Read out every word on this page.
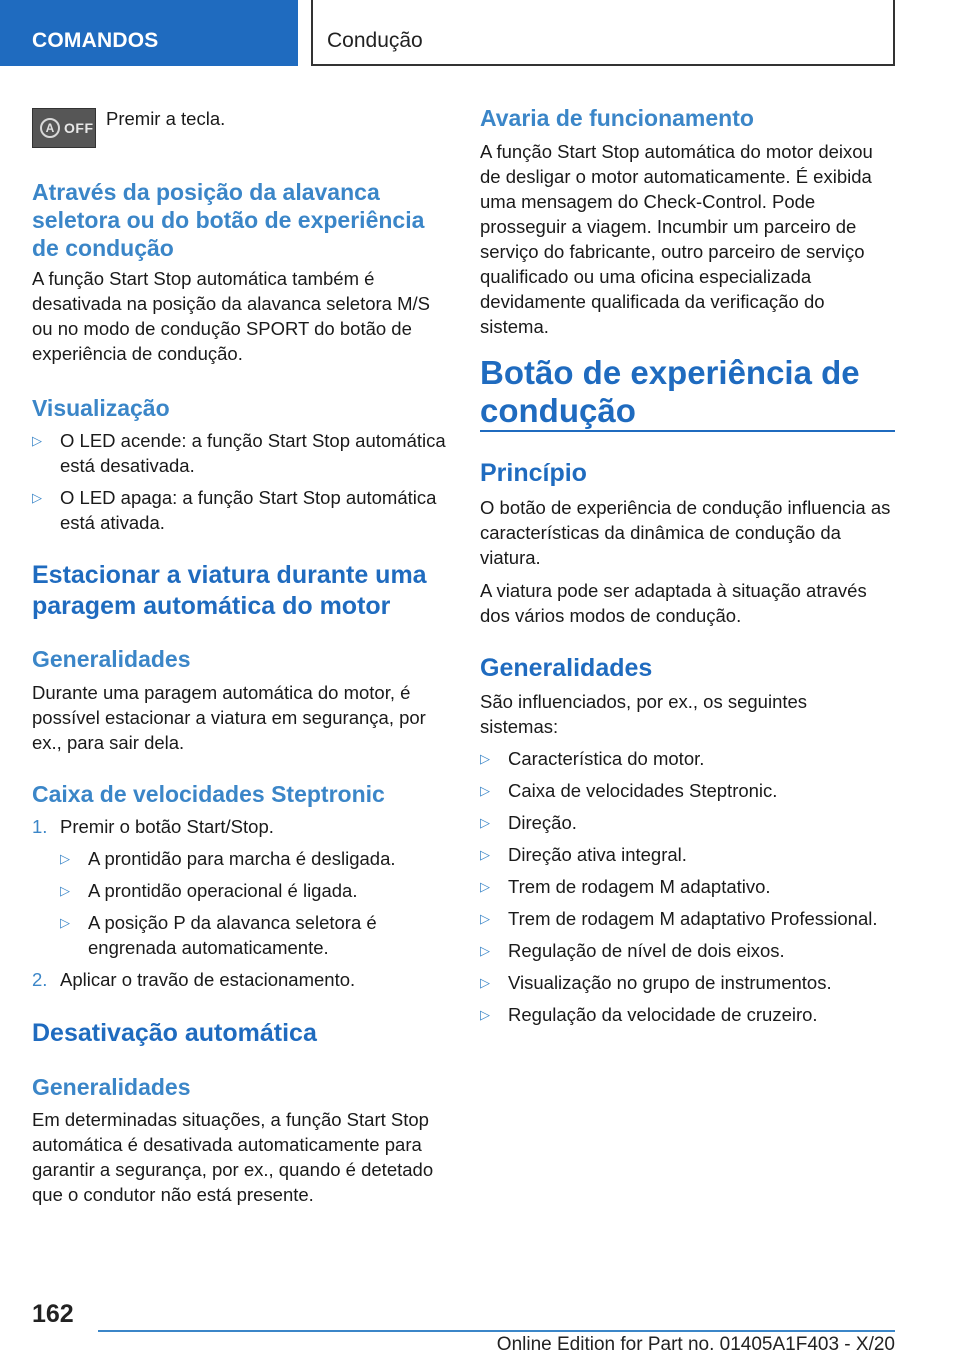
COMANDOS	Condução
A OFF Premir a tecla.
Através da posição da alavanca seletora ou do botão de experiência de condução
A função Start Stop automática também é desativada na posição da alavanca seletora M/S ou no modo de condução SPORT do botão de experiência de condução.
Visualização
▷ O LED acende: a função Start Stop automática está desativada.
▷ O LED apaga: a função Start Stop automática está ativada.
Estacionar a viatura durante uma paragem automática do motor
Generalidades
Durante uma paragem automática do motor, é possível estacionar a viatura em segurança, por ex., para sair dela.
Caixa de velocidades Steptronic
1. Premir o botão Start/Stop.
▷ A prontidão para marcha é desligada.
▷ A prontidão operacional é ligada.
▷ A posição P da alavanca seletora é engrenada automaticamente.
2. Aplicar o travão de estacionamento.
Desativação automática
Generalidades
Em determinadas situações, a função Start Stop automática é desativada automaticamente para garantir a segurança, por ex., quando é detetado que o condutor não está presente.
Avaria de funcionamento
A função Start Stop automática do motor deixou de desligar o motor automaticamente. É exibida uma mensagem do Check-Control. Pode prosseguir a viagem. Incumbir um parceiro de serviço do fabricante, outro parceiro de serviço qualificado ou uma oficina especializada devidamente qualificada da verificação do sistema.
Botão de experiência de condução
Princípio
O botão de experiência de condução influencia as características da dinâmica de condução da viatura.
A viatura pode ser adaptada à situação através dos vários modos de condução.
Generalidades
São influenciados, por ex., os seguintes sistemas:
▷ Característica do motor.
▷ Caixa de velocidades Steptronic.
▷ Direção.
▷ Direção ativa integral.
▷ Trem de rodagem M adaptativo.
▷ Trem de rodagem M adaptativo Professional.
▷ Regulação de nível de dois eixos.
▷ Visualização no grupo de instrumentos.
▷ Regulação da velocidade de cruzeiro.
162
Online Edition for Part no. 01405A1F403 - X/20
